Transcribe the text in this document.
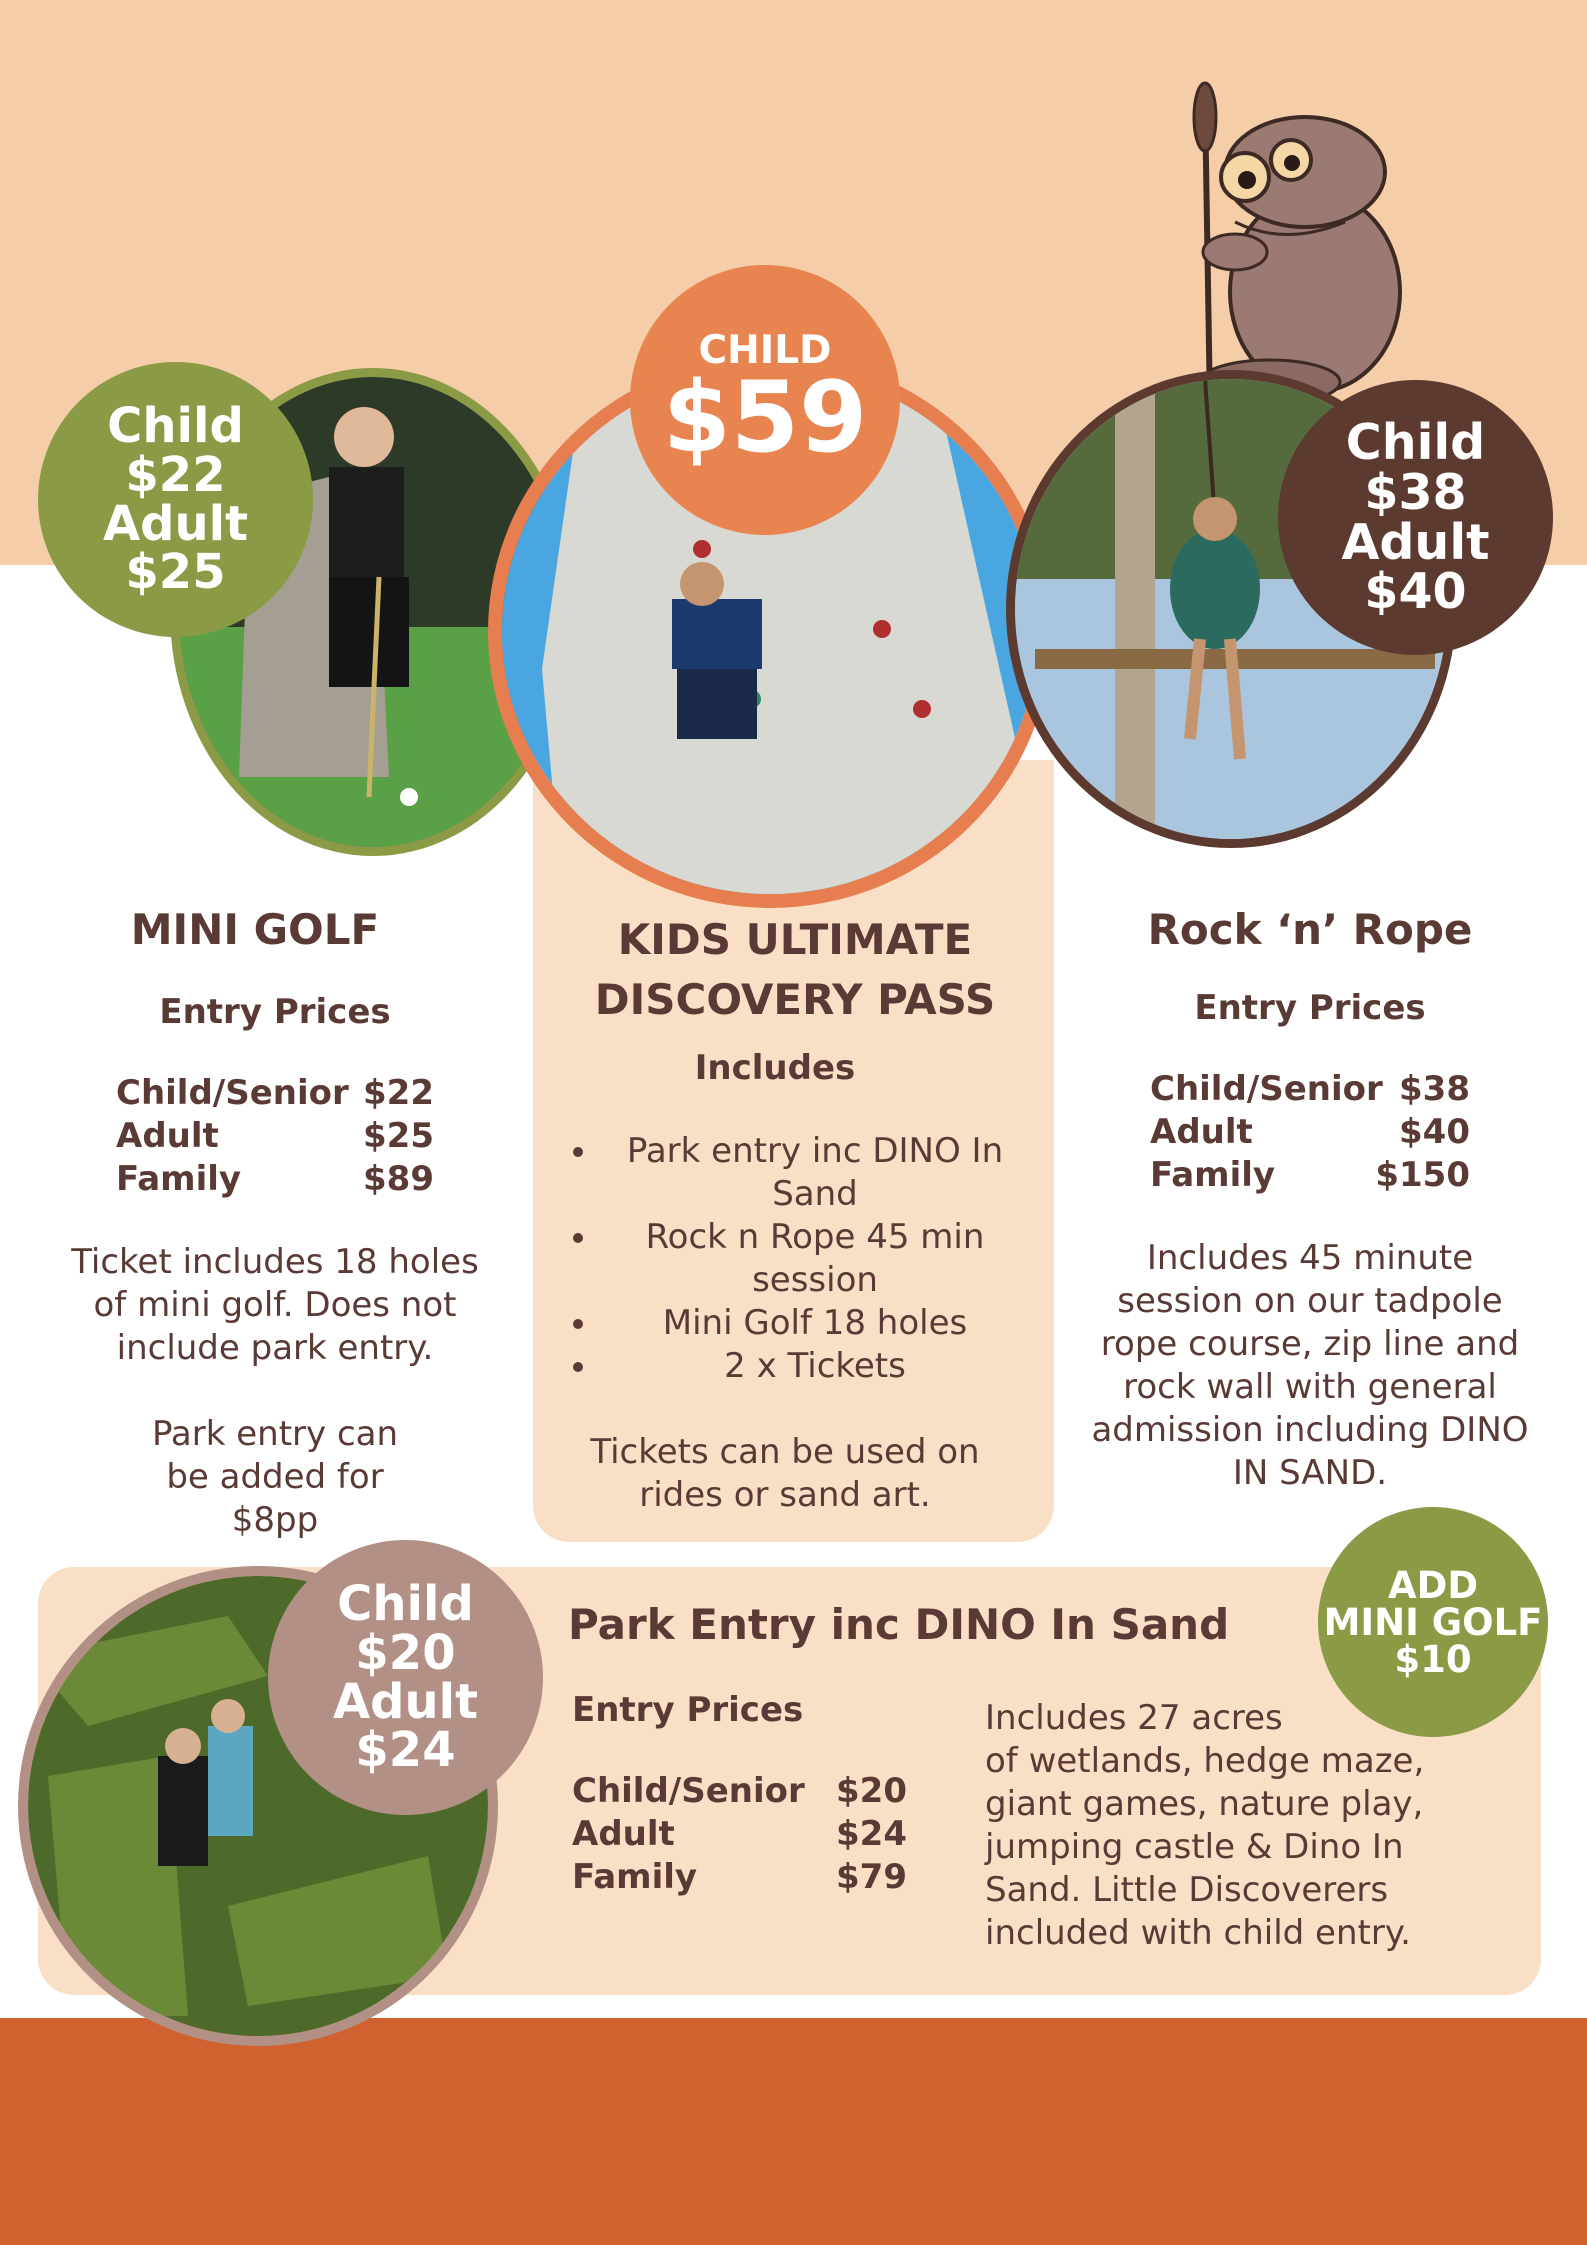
Child
$22
Adult
$25
CHILD
$59	Child
$38
Adult
$40
Child
$20
Adult
$24
ADD
MINI GOLF
$10
MINI GOLF
Entry Prices
Child/Senior $22
Adult	$25
Family	$89
Ticket includes 18 holes of mini golf. Does not include park entry.
Park entry can be added for $8pp
KIDS ULTIMATE DISCOVERY PASS
Includes
• Park entry inc DINO In Sand
• Rock n Rope 45 min session
• Mini Golf 18 holes
• 2 x Tickets
Tickets can be used on rides or sand art.
Rock ‘n’ Rope
Entry Prices
Child/Senior $38
Adult	$40
Family	$150
Includes 45 minute session on our tadpole rope course, zip line and rock wall with general admission including DINO IN SAND.
Park Entry inc DINO In Sand
Entry Prices
Child/Senior $20
Adult	$24
Family	$79
Includes 27 acres
of wetlands, hedge maze, giant games, nature play, jumping castle & Dino In Sand. Little Discoverers included with child entry.
